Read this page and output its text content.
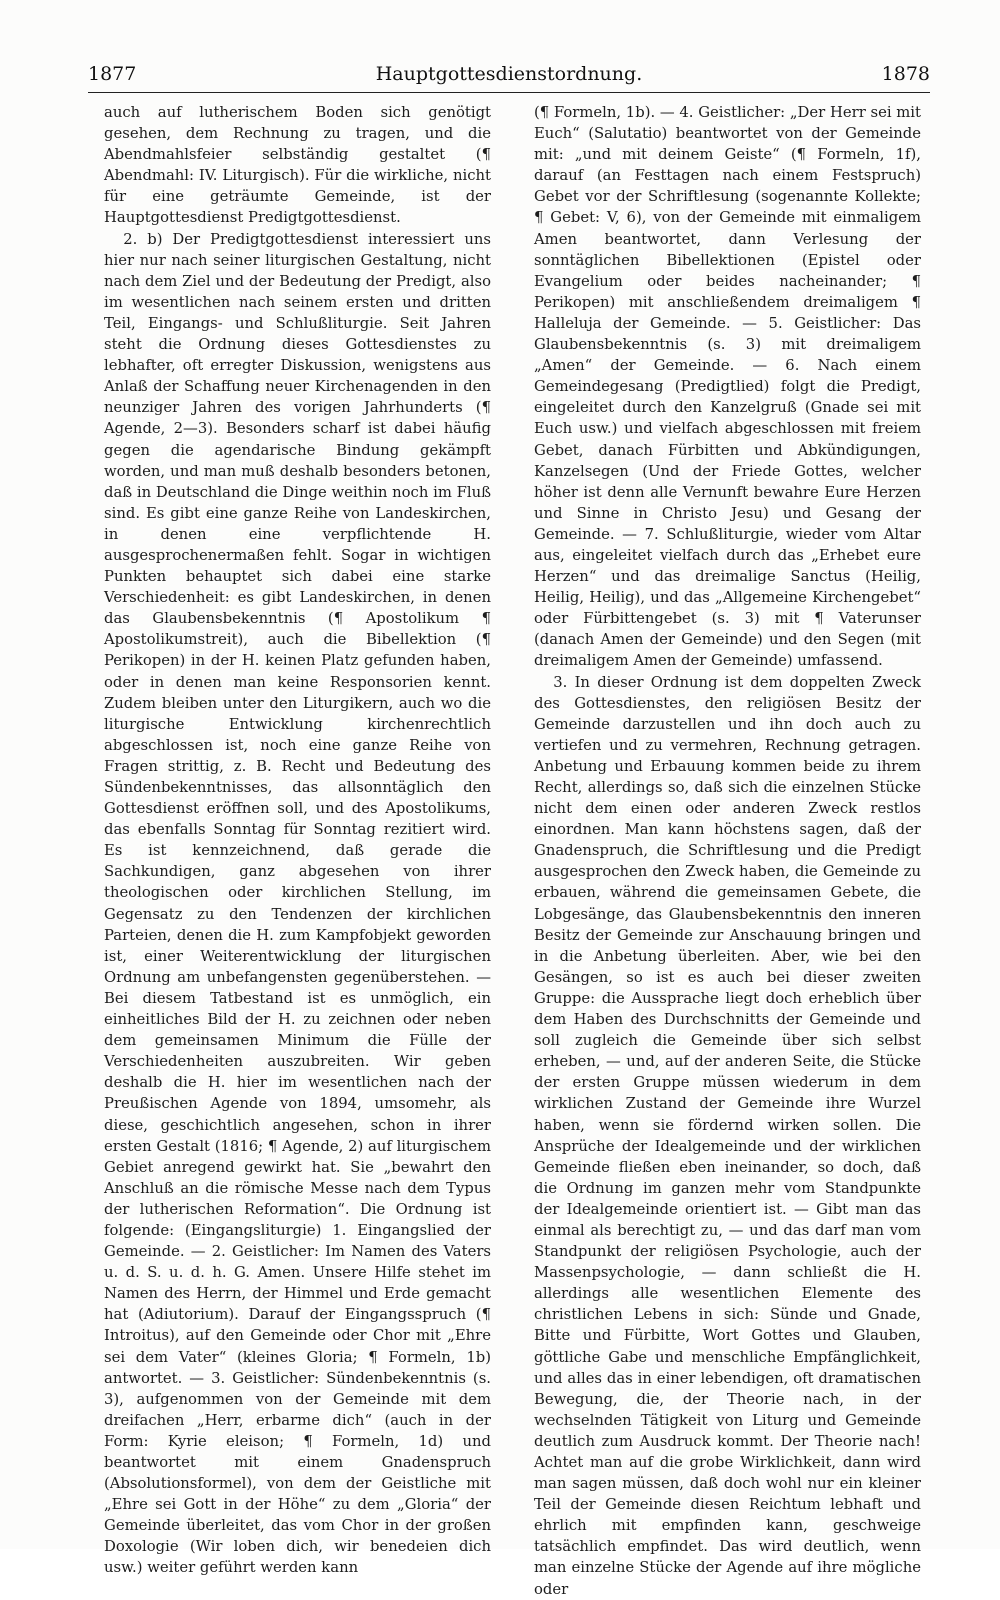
1877	Hauptgottesdienstordnung.	1878

auch auf lutherischem Boden sich genötigt gesehen, dem Rechnung zu tragen, und die Abendmahlsfeier selbständig gestaltet (¶ Abendmahl: IV. Liturgisch). Für die wirkliche, nicht für eine geträumte Gemeinde, ist der Hauptgottesdienst Predigtgottesdienst.

2. b) Der Predigtgottesdienst interessiert uns hier nur nach seiner liturgischen Gestaltung, nicht nach dem Ziel und der Bedeutung der Predigt, also im wesentlichen nach seinem ersten und dritten Teil, Eingangs- und Schlußliturgie. Seit Jahren steht die Ordnung dieses Gottesdienstes zu lebhafter, oft erregter Diskussion, wenigstens aus Anlaß der Schaffung neuer Kirchenagenden in den neunziger Jahren des vorigen Jahrhunderts (¶ Agende, 2—3). Besonders scharf ist dabei häufig gegen die agendarische Bindung gekämpft worden, und man muß deshalb besonders betonen, daß in Deutschland die Dinge weithin noch im Fluß sind. Es gibt eine ganze Reihe von Landeskirchen, in denen eine verpflichtende H. ausgesprochenermaßen fehlt. Sogar in wichtigen Punkten behauptet sich dabei eine starke Verschiedenheit: es gibt Landeskirchen, in denen das Glaubensbekenntnis (¶ Apostolikum ¶ Apostolikumstreit), auch die Bibellektion (¶ Perikopen) in der H. keinen Platz gefunden haben, oder in denen man keine Responsorien kennt. Zudem bleiben unter den Liturgikern, auch wo die liturgische Entwicklung kirchenrechtlich abgeschlossen ist, noch eine ganze Reihe von Fragen strittig, z. B. Recht und Bedeutung des Sündenbekenntnisses, das allsonntäglich den Gottesdienst eröffnen soll, und des Apostolikums, das ebenfalls Sonntag für Sonntag rezitiert wird. Es ist kennzeichnend, daß gerade die Sachkundigen, ganz abgesehen von ihrer theologischen oder kirchlichen Stellung, im Gegensatz zu den Tendenzen der kirchlichen Parteien, denen die H. zum Kampfobjekt geworden ist, einer Weiterentwicklung der liturgischen Ordnung am unbefangensten gegenüberstehen. — Bei diesem Tatbestand ist es unmöglich, ein einheitliches Bild der H. zu zeichnen oder neben dem gemeinsamen Minimum die Fülle der Verschiedenheiten auszubreiten. Wir geben deshalb die H. hier im wesentlichen nach der Preußischen Agende von 1894, umsomehr, als diese, geschichtlich angesehen, schon in ihrer ersten Gestalt (1816; ¶ Agende, 2) auf liturgischem Gebiet anregend gewirkt hat. Sie „bewahrt den Anschluß an die römische Messe nach dem Typus der lutherischen Reformation“. Die Ordnung ist folgende: (Eingangsliturgie) 1. Eingangslied der Gemeinde. — 2. Geistlicher: Im Namen des Vaters u. d. S. u. d. h. G. Amen. Unsere Hilfe stehet im Namen des Herrn, der Himmel und Erde gemacht hat (Adiutorium). Darauf der Eingangsspruch (¶ Introitus), auf den Gemeinde oder Chor mit „Ehre sei dem Vater“ (kleines Gloria; ¶ Formeln, 1b) antwortet. — 3. Geistlicher: Sündenbekenntnis (s. 3), aufgenommen von der Gemeinde mit dem dreifachen „Herr, erbarme dich“ (auch in der Form: Kyrie eleison; ¶ Formeln, 1d) und beantwortet mit einem Gnadenspruch (Absolutionsformel), von dem der Geistliche mit „Ehre sei Gott in der Höhe“ zu dem „Gloria“ der Gemeinde überleitet, das vom Chor in der großen Doxologie (Wir loben dich, wir benedeien dich usw.) weiter geführt werden kann

(¶ Formeln, 1b). — 4. Geistlicher: „Der Herr sei mit Euch“ (Salutatio) beantwortet von der Gemeinde mit: „und mit deinem Geiste“ (¶ Formeln, 1f), darauf (an Festtagen nach einem Festspruch) Gebet vor der Schriftlesung (sogenannte Kollekte; ¶ Gebet: V, 6), von der Gemeinde mit einmaligem Amen beantwortet, dann Verlesung der sonntäglichen Bibellektionen (Epistel oder Evangelium oder beides nacheinander; ¶ Perikopen) mit anschließendem dreimaligem ¶ Halleluja der Gemeinde. — 5. Geistlicher: Das Glaubensbekenntnis (s. 3) mit dreimaligem „Amen“ der Gemeinde. — 6. Nach einem Gemeindegesang (Predigtlied) folgt die Predigt, eingeleitet durch den Kanzelgruß (Gnade sei mit Euch usw.) und vielfach abgeschlossen mit freiem Gebet, danach Fürbitten und Abkündigungen, Kanzelsegen (Und der Friede Gottes, welcher höher ist denn alle Vernunft bewahre Eure Herzen und Sinne in Christo Jesu) und Gesang der Gemeinde. — 7. Schlußliturgie, wieder vom Altar aus, eingeleitet vielfach durch das „Erhebet eure Herzen“ und das dreimalige Sanctus (Heilig, Heilig, Heilig), und das „Allgemeine Kirchengebet“ oder Fürbittengebet (s. 3) mit ¶ Vaterunser (danach Amen der Gemeinde) und den Segen (mit dreimaligem Amen der Gemeinde) umfassend.

3. In dieser Ordnung ist dem doppelten Zweck des Gottesdienstes, den religiösen Besitz der Gemeinde darzustellen und ihn doch auch zu vertiefen und zu vermehren, Rechnung getragen. Anbetung und Erbauung kommen beide zu ihrem Recht, allerdings so, daß sich die einzelnen Stücke nicht dem einen oder anderen Zweck restlos einordnen. Man kann höchstens sagen, daß der Gnadenspruch, die Schriftlesung und die Predigt ausgesprochen den Zweck haben, die Gemeinde zu erbauen, während die gemeinsamen Gebete, die Lobgesänge, das Glaubensbekenntnis den inneren Besitz der Gemeinde zur Anschauung bringen und in die Anbetung überleiten. Aber, wie bei den Gesängen, so ist es auch bei dieser zweiten Gruppe: die Aussprache liegt doch erheblich über dem Haben des Durchschnitts der Gemeinde und soll zugleich die Gemeinde über sich selbst erheben, — und, auf der anderen Seite, die Stücke der ersten Gruppe müssen wiederum in dem wirklichen Zustand der Gemeinde ihre Wurzel haben, wenn sie fördernd wirken sollen. Die Ansprüche der Idealgemeinde und der wirklichen Gemeinde fließen eben ineinander, so doch, daß die Ordnung im ganzen mehr vom Standpunkte der Idealgemeinde orientiert ist. — Gibt man das einmal als berechtigt zu, — und das darf man vom Standpunkt der religiösen Psychologie, auch der Massenpsychologie, — dann schließt die H. allerdings alle wesentlichen Elemente des christlichen Lebens in sich: Sünde und Gnade, Bitte und Fürbitte, Wort Gottes und Glauben, göttliche Gabe und menschliche Empfänglichkeit, und alles das in einer lebendigen, oft dramatischen Bewegung, die, der Theorie nach, in der wechselnden Tätigkeit von Liturg und Gemeinde deutlich zum Ausdruck kommt. Der Theorie nach! Achtet man auf die grobe Wirklichkeit, dann wird man sagen müssen, daß doch wohl nur ein kleiner Teil der Gemeinde diesen Reichtum lebhaft und ehrlich mit empfinden kann, geschweige tatsächlich empfindet. Das wird deutlich, wenn man einzelne Stücke der Agende auf ihre mögliche oder
